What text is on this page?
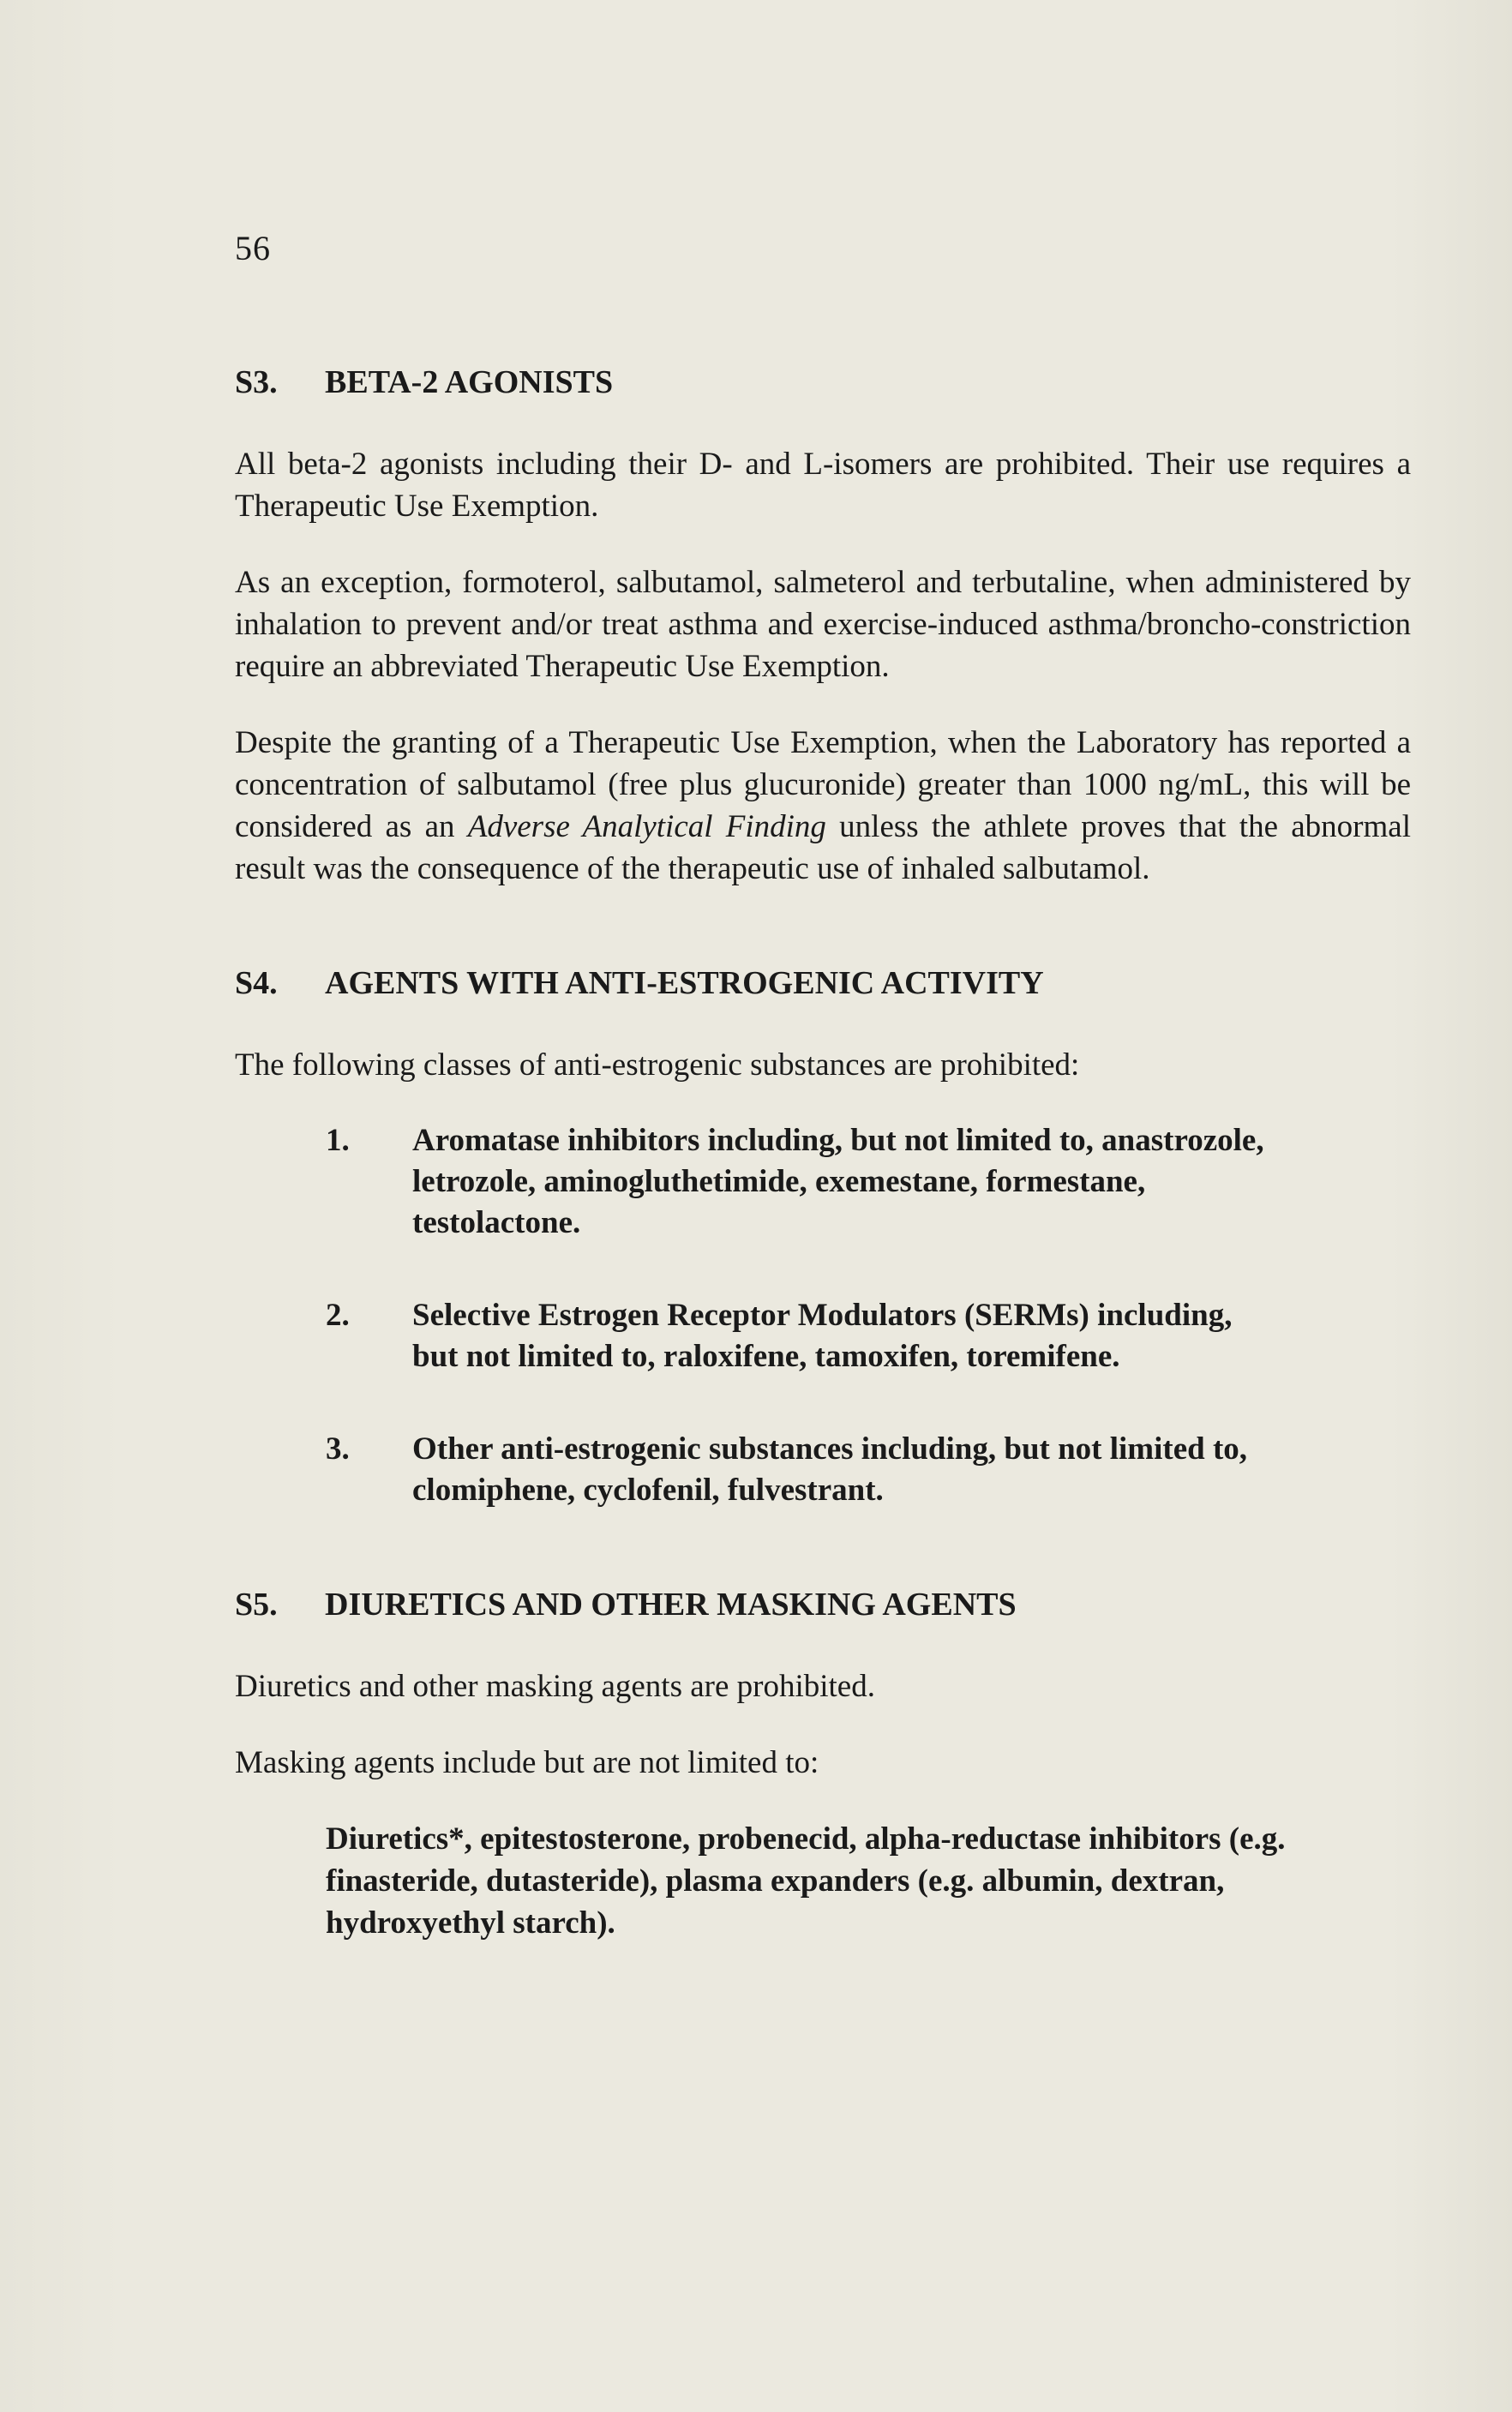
56
S3.	BETA-2 AGONISTS

All beta-2 agonists including their D- and L-isomers are prohibited. Their use requires a Therapeutic Use Exemption.

As an exception, formoterol, salbutamol, salmeterol and terbutaline, when administered by inhalation to prevent and/or treat asthma and exercise-induced asthma/broncho-constriction require an abbreviated Therapeutic Use Exemption.

Despite the granting of a Therapeutic Use Exemption, when the Laboratory has reported a concentration of salbutamol (free plus glucuronide) greater than 1000 ng/mL, this will be considered as an Adverse Analytical Finding unless the athlete proves that the abnormal result was the consequence of the therapeutic use of inhaled salbutamol.

S4.	AGENTS WITH ANTI-ESTROGENIC ACTIVITY

The following classes of anti-estrogenic substances are prohibited:

1.	Aromatase inhibitors including, but not limited to, anastrozole, letrozole, aminogluthetimide, exemestane, formestane, testolactone.
2.	Selective Estrogen Receptor Modulators (SERMs) including, but not limited to, raloxifene, tamoxifen, toremifene.
3.	Other anti-estrogenic substances including, but not limited to, clomiphene, cyclofenil, fulvestrant.
S5.	DIURETICS AND OTHER MASKING AGENTS

Diuretics and other masking agents are prohibited.

Masking agents include but are not limited to:

Diuretics*, epitestosterone, probenecid, alpha-reductase inhibitors (e.g. finasteride, dutasteride), plasma expanders (e.g. albumin, dextran, hydroxyethyl starch).
